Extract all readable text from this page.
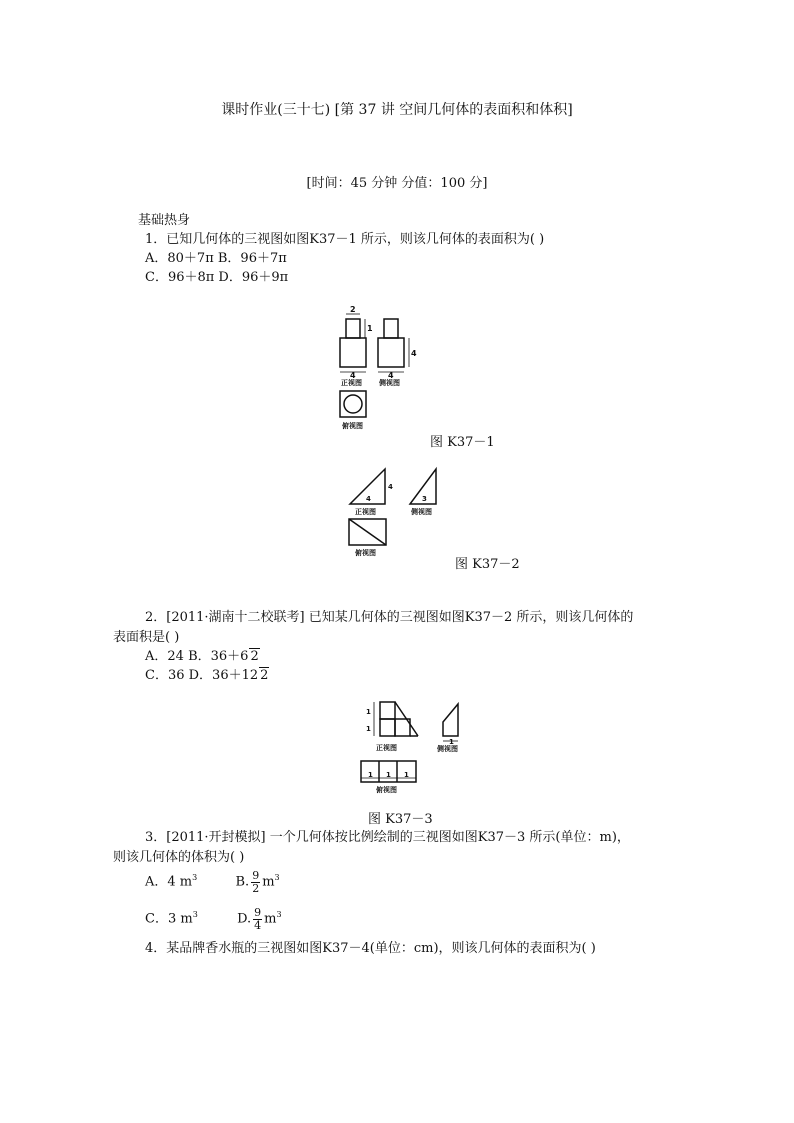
课时作业(三十七) [第 37 讲 空间几何体的表面积和体积]
[时间：45 分钟 分值：100 分]
基础热身
1．已知几何体的三视图如图K37－1 所示，则该几何体的表面积为( )
A．80＋7π B．96＋7π
C．96＋8π D．96＋9π
2
1
4
4	4
正视图 侧视图
俯视图
图 K37－1
4
4
3
正视图	侧视图
俯视图
图 K37－2
2．[2011·湖南十二校联考] 已知某几何体的三视图如图K37－2 所示，则该几何体的
表面积是( )
A．24 B．36＋6 2
C．36 D．36＋12 2
1
1
1
1 1 1
正视图	侧视图
俯视图
图 K37－3
3．[2011·开封模拟] 一个几何体按比例绘制的三视图如图K37－3 所示(单位：m)，
则该几何体的体积为( )
A．4 $m^3$	B. $\frac{9}{2} m^3$
C．3 $m^3$	D. $\frac{9}{4} m^3$
4．某品牌香水瓶的三视图如图K37－4(单位：cm)，则该几何体的表面积为( )
